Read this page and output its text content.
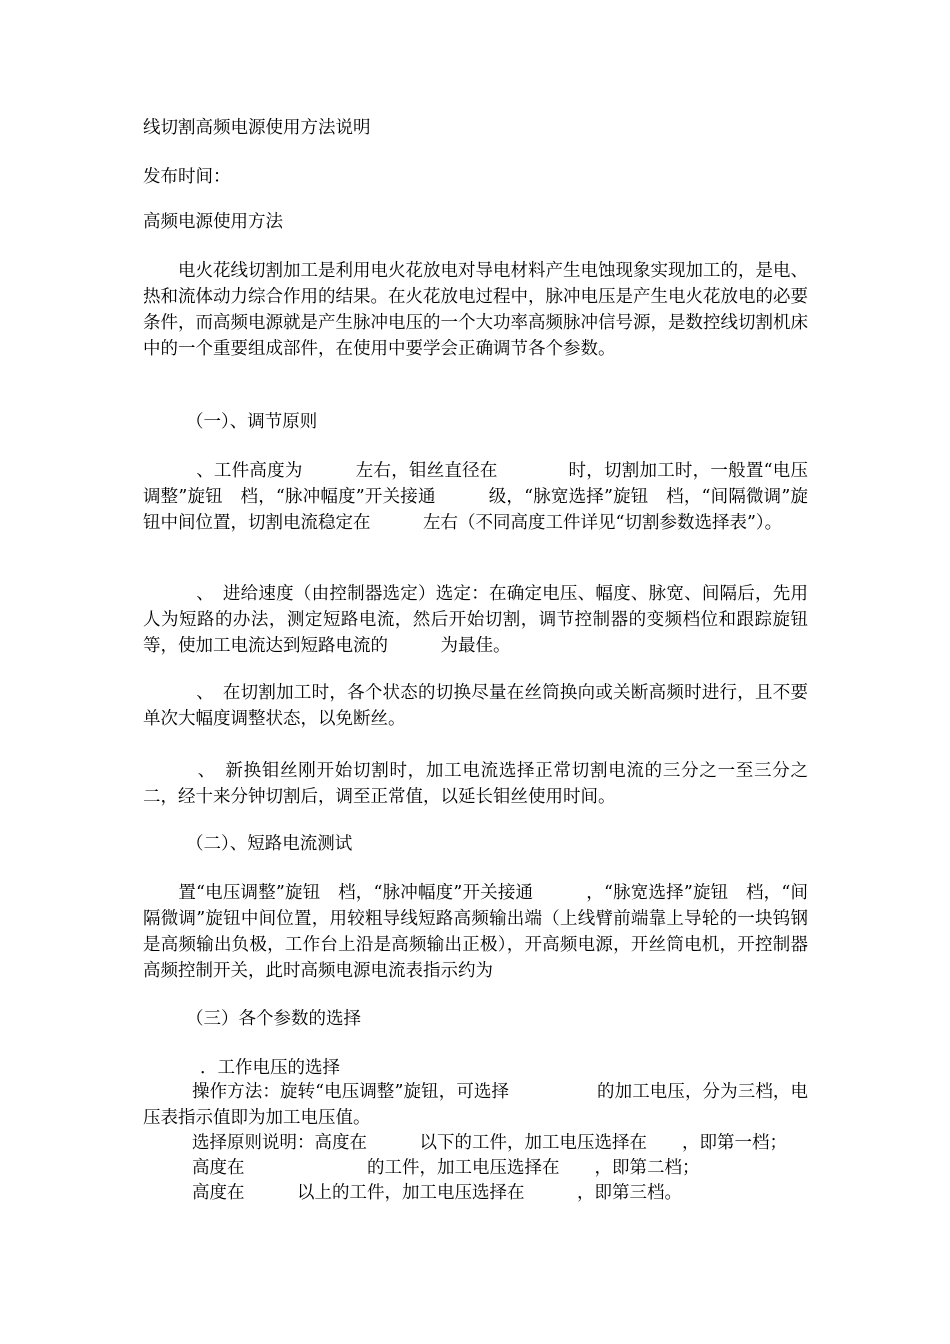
线切割高频电源使用方法说明
发布时间：
高频电源使用方法
　　电火花线切割加工是利用电火花放电对导电材料产生电蚀现象实现加工的，是电、热和流体动力综合作用的结果。在火花放电过程中，脉冲电压是产生电火花放电的必要条件，而高频电源就是产生脉冲电压的一个大功率高频脉冲信号源，是数控线切割机床中的一个重要组成部件，在使用中要学会正确调节各个参数。
（一）、调节原则
　　　、工件高度为　　　左右，钼丝直径在　　　　时，切割加工时，一般置“电压调整”旋钮　档，“脉冲幅度”开关接通　　　级，“脉宽选择”旋钮　档，“间隔微调”旋钮中间位置，切割电流稳定在　　　左右（不同高度工件详见“切割参数选择表”）。
　　　、　进给速度（由控制器选定）选定：在确定电压、幅度、脉宽、间隔后，先用人为短路的办法，测定短路电流，然后开始切割，调节控制器的变频档位和跟踪旋钮等，使加工电流达到短路电流的　　　为最佳。
　　　、　在切割加工时，各个状态的切换尽量在丝筒换向或关断高频时进行，且不要单次大幅度调整状态，以免断丝。
　　　、　新换钼丝刚开始切割时，加工电流选择正常切割电流的三分之一至三分之二，经十来分钟切割后，调至正常值，以延长钼丝使用时间。
（二）、短路电流测试
　　置“电压调整”旋钮　档，“脉冲幅度”开关接通　　　，“脉宽选择”旋钮　档，“间隔微调”旋钮中间位置，用较粗导线短路高频输出端（上线臂前端靠上导轮的一块钨钢是高频输出负极，工作台上沿是高频输出正极），开高频电源，开丝筒电机，开控制器高频控制开关，此时高频电源电流表指示约为
（三）各个参数的选择
．工作电压的选择
操作方法：旋转“电压调整”旋钮，可选择　　　　　的加工电压，分为三档，电压表指示值即为加工电压值。
选择原则说明：高度在　　　以下的工件，加工电压选择在　　，即第一档；
高度在　　　　　　　的工件，加工电压选择在　　，即第二档；
高度在　　　以上的工件，加工电压选择在　　　，即第三档。
